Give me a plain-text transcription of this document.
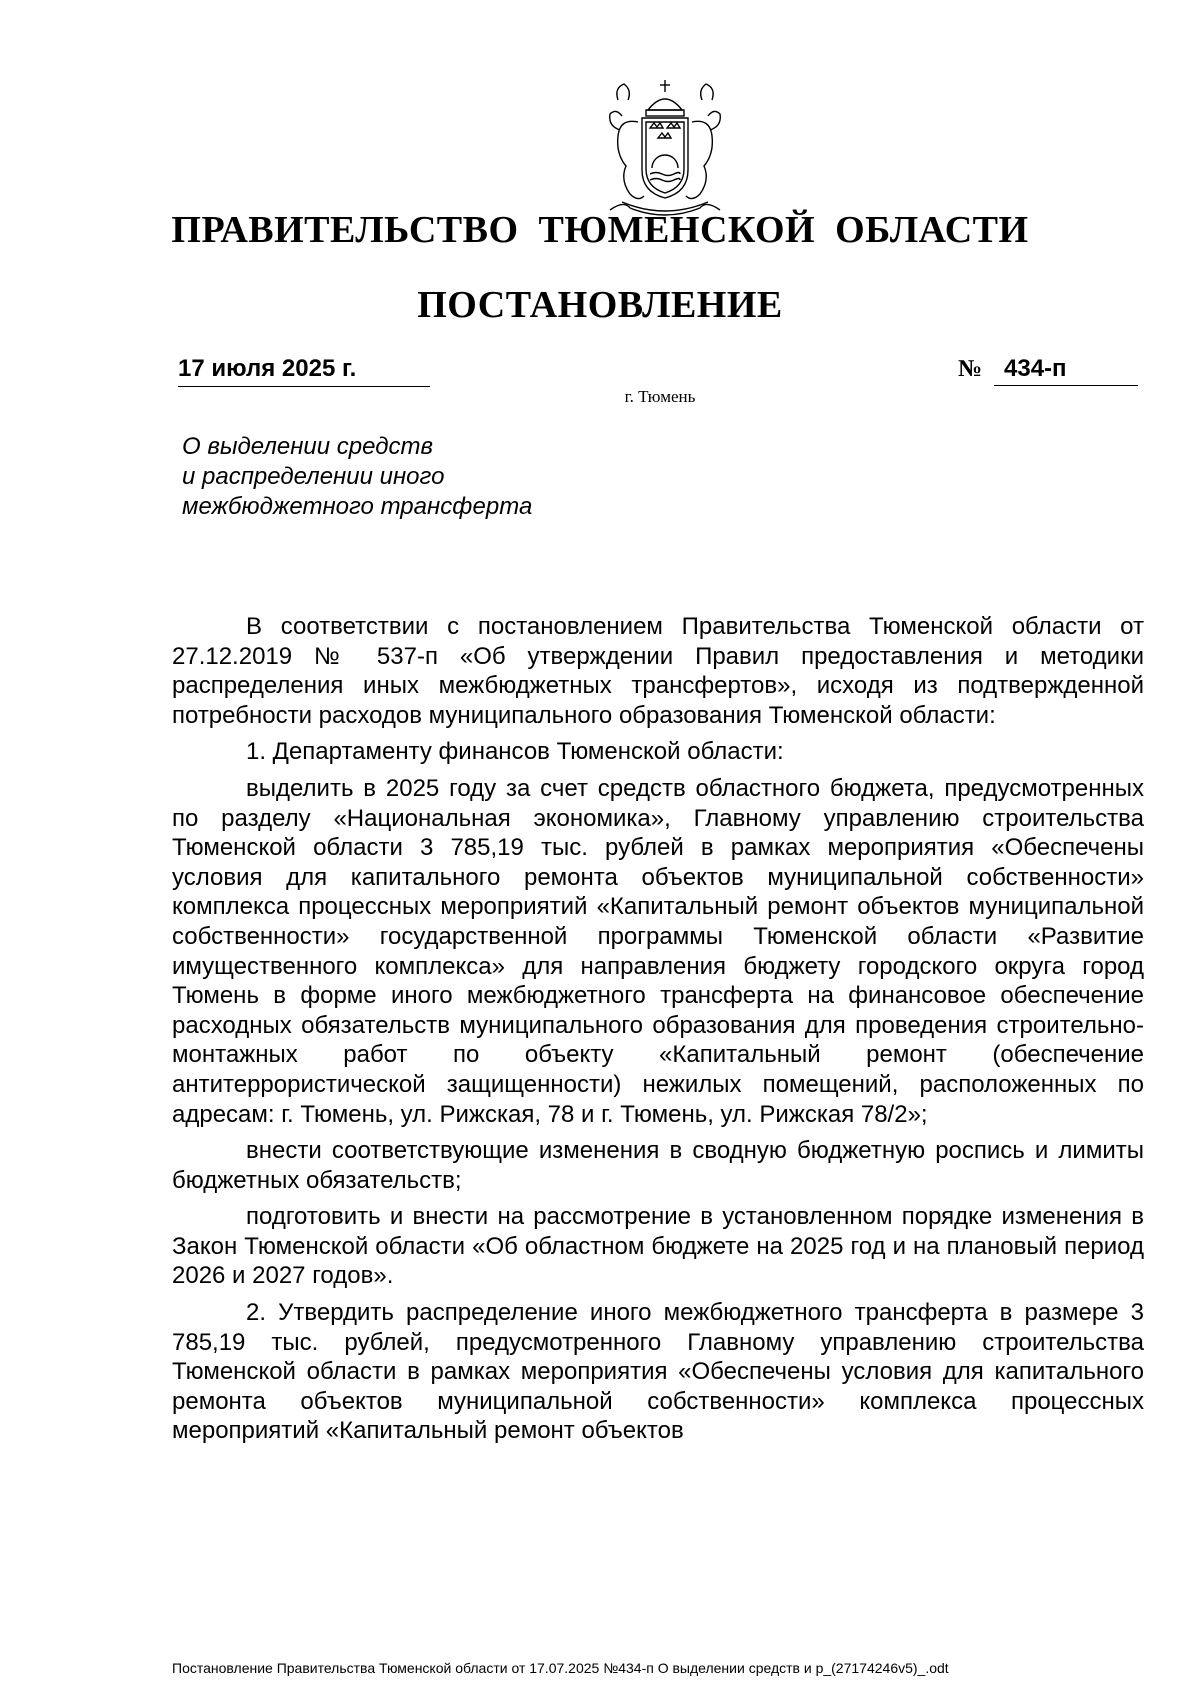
ПРАВИТЕЛЬСТВО ТЮМЕНСКОЙ ОБЛАСТИ
ПОСТАНОВЛЕНИЕ
17 июля 2025 г.	№ 434-п
г. Тюмень
О выделении средств
и распределении иного
межбюджетного трансферта

В соответствии с постановлением Правительства Тюменской области от 27.12.2019 № 537-п «Об утверждении Правил предоставления и методики распределения иных межбюджетных трансфертов», исходя из подтвержденной потребности расходов муниципального образования Тюменской области:

1. Департаменту финансов Тюменской области:

выделить в 2025 году за счет средств областного бюджета, предусмотренных по разделу «Национальная экономика», Главному управлению строительства Тюменской области 3 785,19 тыс. рублей в рамках мероприятия «Обеспечены условия для капитального ремонта объектов муниципальной собственности» комплекса процессных мероприятий «Капитальный ремонт объектов муниципальной собственности» государственной программы Тюменской области «Развитие имущественного комплекса» для направления бюджету городского округа город Тюмень в форме иного межбюджетного трансферта на финансовое обеспечение расходных обязательств муниципального образования для проведения строительно-монтажных работ по объекту «Капитальный ремонт (обеспечение антитеррористической защищенности) нежилых помещений, расположенных по адресам: г. Тюмень, ул. Рижская, 78 и г. Тюмень, ул. Рижская 78/2»;

внести соответствующие изменения в сводную бюджетную роспись и лимиты бюджетных обязательств;

подготовить и внести на рассмотрение в установленном порядке изменения в Закон Тюменской области «Об областном бюджете на 2025 год и на плановый период 2026 и 2027 годов».

2. Утвердить распределение иного межбюджетного трансферта в размере 3 785,19 тыс. рублей, предусмотренного Главному управлению строительства Тюменской области в рамках мероприятия «Обеспечены условия для капитального ремонта объектов муниципальной собственности» комплекса процессных мероприятий «Капитальный ремонт объектов

Постановление Правительства Тюменской области от 17.07.2025 №434-п О выделении средств и р_(27174246v5)_.odt
